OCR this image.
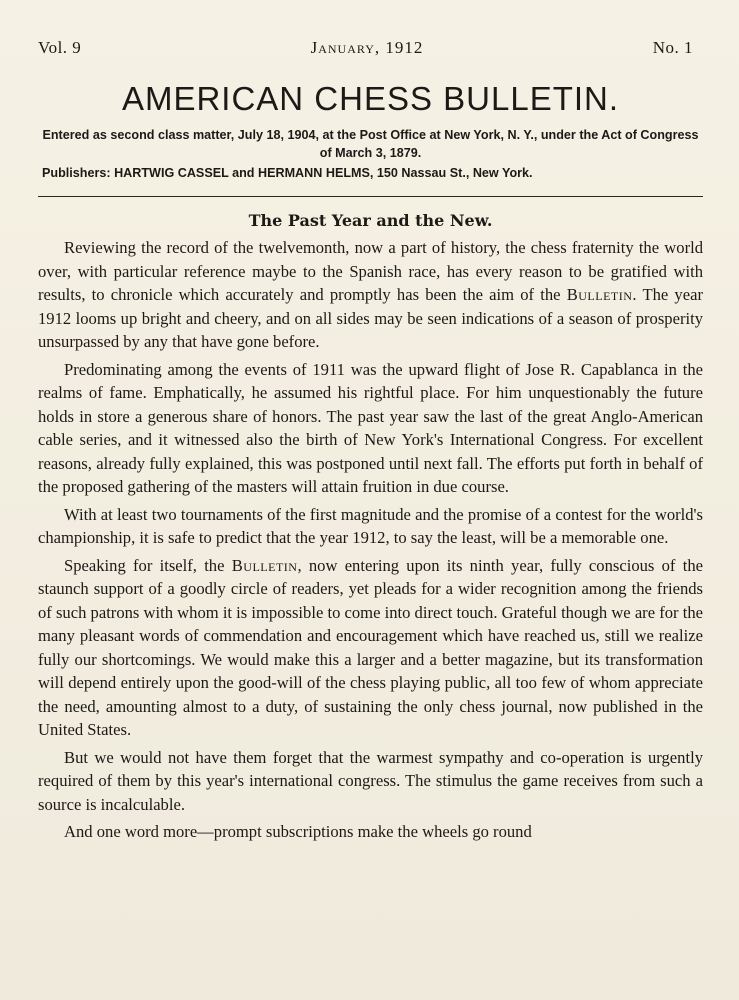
Vol. 9	January, 1912	No. 1
AMERICAN CHESS BULLETIN.
Entered as second class matter, July 18, 1904, at the Post Office at New York, N. Y., under the Act of Congress of March 3, 1879.
Publishers: HARTWIG CASSEL and HERMANN HELMS, 150 Nassau St., New York.
The Past Year and the New.

Reviewing the record of the twelvemonth, now a part of history, the chess fraternity the world over, with particular reference maybe to the Spanish race, has every reason to be gratified with results, to chronicle which accurately and promptly has been the aim of the Bulletin. The year 1912 looms up bright and cheery, and on all sides may be seen indications of a season of prosperity unsurpassed by any that have gone before.

Predominating among the events of 1911 was the upward flight of Jose R. Capablanca in the realms of fame. Emphatically, he assumed his rightful place. For him unquestionably the future holds in store a generous share of honors. The past year saw the last of the great Anglo-American cable series, and it witnessed also the birth of New York's International Congress. For excellent reasons, already fully explained, this was postponed until next fall. The efforts put forth in behalf of the proposed gathering of the masters will attain fruition in due course.

With at least two tournaments of the first magnitude and the promise of a contest for the world's championship, it is safe to predict that the year 1912, to say the least, will be a memorable one.

Speaking for itself, the Bulletin, now entering upon its ninth year, fully conscious of the staunch support of a goodly circle of readers, yet pleads for a wider recognition among the friends of such patrons with whom it is impossible to come into direct touch. Grateful though we are for the many pleasant words of commendation and encouragement which have reached us, still we realize fully our shortcomings. We would make this a larger and a better magazine, but its transformation will depend entirely upon the good-will of the chess playing public, all too few of whom appreciate the need, amounting almost to a duty, of sustaining the only chess journal, now published in the United States.

But we would not have them forget that the warmest sympathy and co-operation is urgently required of them by this year's international congress. The stimulus the game receives from such a source is incalculable.

And one word more—prompt subscriptions make the wheels go round
